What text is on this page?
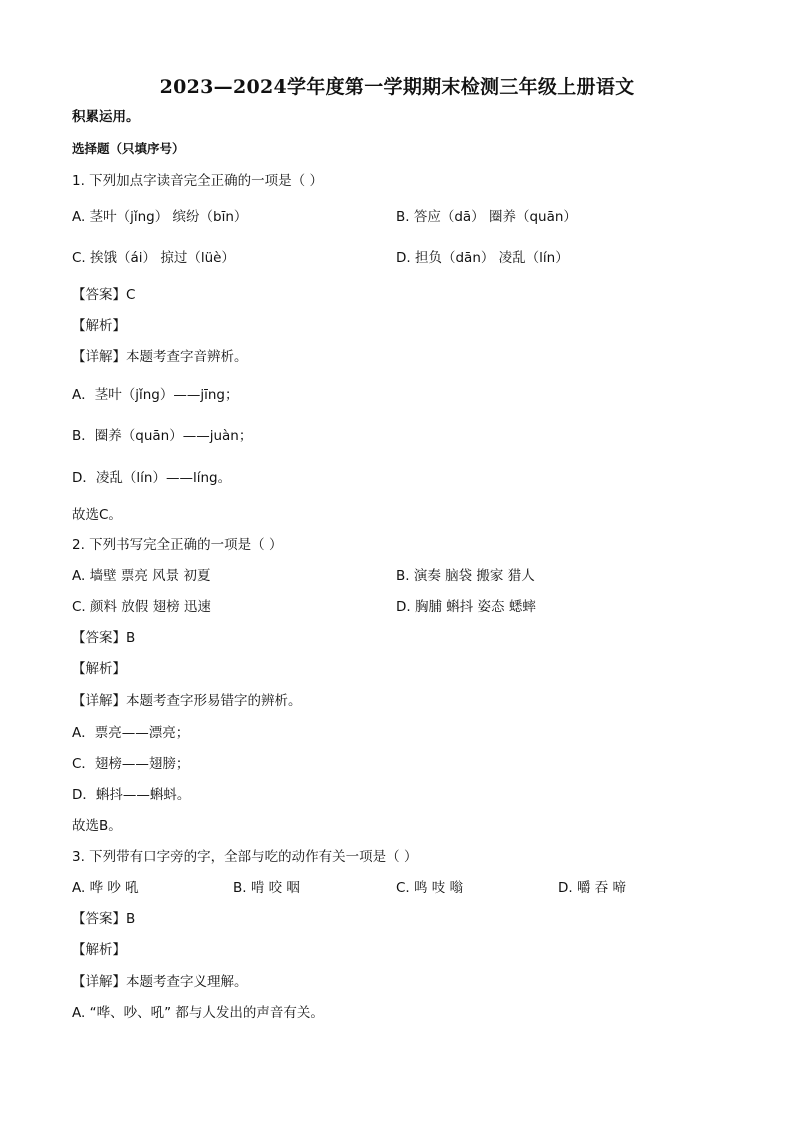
2023—2024学年度第一学期期末检测三年级上册语文
积累运用。
选择题（只填序号）
1. 下列加点字读音完全正确的一项是（ ）
A. 茎叶（jǐng） 缤纷（bīn）	B. 答应（dā） 圈养（quān）
C. 挨饿（ái） 掠过（lüè）	D. 担负（dān） 凌乱（lín）
【答案】C
【解析】
【详解】本题考查字音辨析。
A．茎叶（jǐng）——jīng；
B．圈养（quān）——juàn；
D．凌乱（lín）——líng。
故选C。
2. 下列书写完全正确的一项是（ ）
A. 墙壁 票亮 风景 初夏	B. 演奏 脑袋 搬家 猎人
C. 颜料 放假 翅榜 迅速	D. 胸脯 蝌抖 姿态 蟋蟀
【答案】B
【解析】
【详解】本题考查字形易错字的辨析。
A．票亮——漂亮；
C．翅榜——翅膀；
D．蝌抖——蝌蚪。
故选B。
3. 下列带有口字旁的字，全部与吃的动作有关一项是（ ）
A. 哗 吵 吼	B. 啃 咬 咽	C. 鸣 吱 嗡	D. 嚼 吞 啼
【答案】B
【解析】
【详解】本题考查字义理解。
A. “哗、吵、吼” 都与人发出的声音有关。
